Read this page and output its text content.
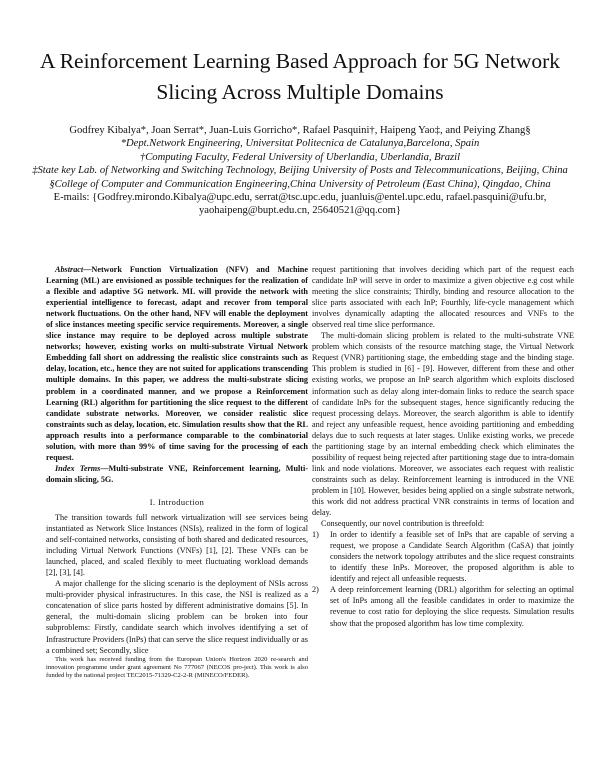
A Reinforcement Learning Based Approach for 5G Network Slicing Across Multiple Domains
Godfrey Kibalya*, Joan Serrat*, Juan-Luis Gorricho*, Rafael Pasquini†, Haipeng Yao‡, and Peiying Zhang§
*Dept.Network Engineering, Universitat Politecnica de Catalunya,Barcelona, Spain
†Computing Faculty, Federal University of Uberlandia, Uberlandia, Brazil
‡State key Lab. of Networking and Switching Technology, Beijing University of Posts and Telecommunications, Beijing, China
§College of Computer and Communication Engineering,China University of Petroleum (East China), Qingdao, China
E-mails: {Godfrey.mirondo.Kibalya@upc.edu, serrat@tsc.upc.edu, juanluis@entel.upc.edu, rafael.pasquini@ufu.br,
yaohaipeng@bupt.edu.cn, 25640521@qq.com}

Abstract—Network Function Virtualization (NFV) and Machine Learning (ML) are envisioned as possible techniques for the realization of a flexible and adaptive 5G network. ML will provide the network with experiential intelligence to forecast, adapt and recover from temporal network fluctuations. On the other hand, NFV will enable the deployment of slice instances meeting specific service requirements. Moreover, a single slice instance may require to be deployed across multiple substrate networks; however, existing works on multi-substrate Virtual Network Embedding fall short on addressing the realistic slice constraints such as delay, location, etc., hence they are not suited for applications transcending multiple domains. In this paper, we address the multi-substrate slicing problem in a coordinated manner, and we propose a Reinforcement Learning (RL) algorithm for partitioning the slice request to the different candidate substrate networks. Moreover, we consider realistic slice constraints such as delay, location, etc. Simulation results show that the RL approach results into a performance comparable to the combinatorial solution, with more than 99% of time saving for the processing of each request.

Index Terms—Multi-substrate VNE, Reinforcement learning, Multi-domain slicing, 5G.

I. Introduction

The transition towards full network virtualization will see services being instantiated as Network Slice Instances (NSIs), realized in the form of logical and self-contained networks, consisting of both shared and dedicated resources, including Virtual Network Functions (VNFs) [1], [2]. These VNFs can be launched, placed, and scaled flexibly to meet fluctuating workload demands [2], [3], [4].

A major challenge for the slicing scenario is the deployment of NSIs across multi-provider physical infrastructures. In this case, the NSI is realized as a concatenation of slice parts hosted by different administrative domains [5]. In general, the multi-domain slicing problem can be broken into four subproblems: Firstly, candidate search which involves identifying a set of Infrastructure Providers (InPs) that can serve the slice request individually or as a combined set; Secondly, slice

This work has received funding from the European Union's Horizon 2020 re-search and innovation programme under grant agreement No 777067 (NECOS pro-ject). This work is also funded by the national project TEC2015-71329-C2-2-R (MINECO/FEDER).

request partitioning that involves deciding which part of the request each candidate InP will serve in order to maximize a given objective e.g cost while meeting the slice constraints; Thirdly, binding and resource allocation to the slice parts associated with each InP; Fourthly, life-cycle management which involves dynamically adapting the allocated resources and VNFs to the observed real time slice performance.

The multi-domain slicing problem is related to the multi-substrate VNE problem which consists of the resource matching stage, the Virtual Network Request (VNR) partitioning stage, the embedding stage and the binding stage. This problem is studied in [6] - [9]. However, different from these and other existing works, we propose an InP search algorithm which exploits disclosed information such as delay along inter-domain links to reduce the search space of candidate InPs for the subsequent stages, hence significantly reducing the request processing delays. Moreover, the search algorithm is able to identify and reject any unfeasible request, hence avoiding partitioning and embedding delays due to such requests at later stages. Unlike existing works, we precede the partitioning stage by an internal embedding check which eliminates the possibility of request being rejected after partitioning stage due to intra-domain link and node violations. Moreover, we associates each request with realistic constraints such as delay. Reinforcement learning is introduced in the VNE problem in [10]. However, besides being applied on a single substrate network, this work did not address practical VNR constraints in terms of location and delay.

Consequently, our novel contribution is threefold:

1) In order to identify a feasible set of InPs that are capable of serving a request, we propose a Candidate Search Algorithm (CaSA) that jointly considers the network topology attributes and the slice request constraints to identify these InPs. Moreover, the proposed algorithm is able to identify and reject all unfeasible requests.
2) A deep reinforcement learning (DRL) algorithm for selecting an optimal set of InPs among all the feasible candidates in order to maximize the revenue to cost ratio for deploying the slice requests. Simulation results show that the proposed algorithm has low time complexity.
